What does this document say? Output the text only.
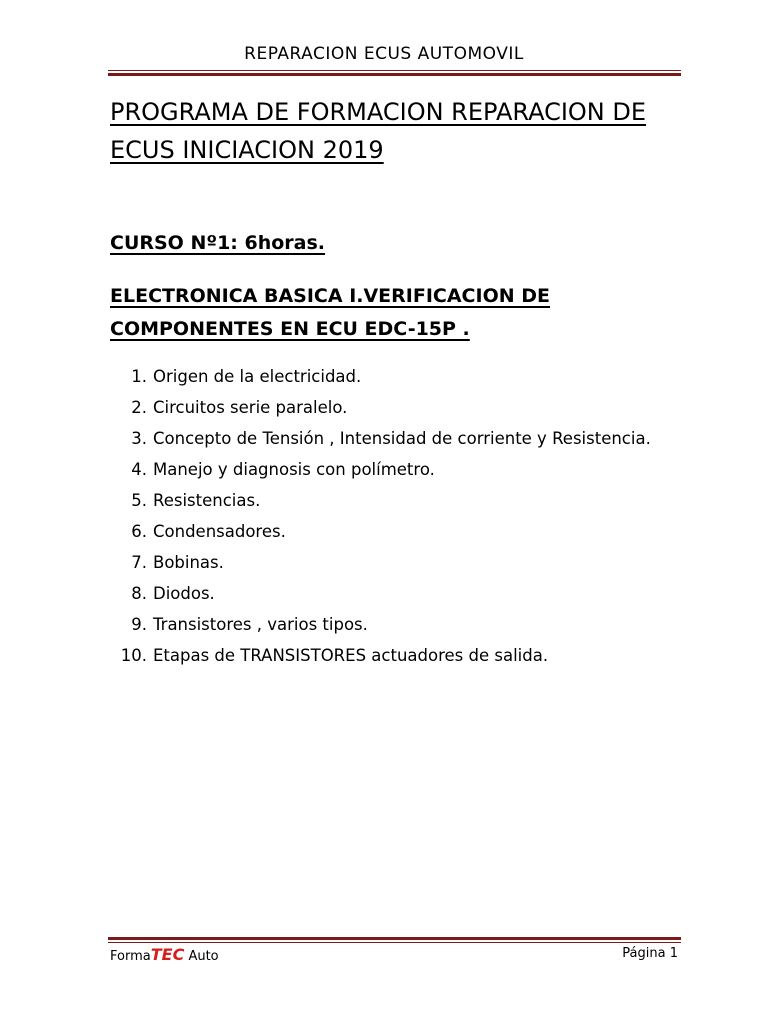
REPARACION ECUS AUTOMOVIL
PROGRAMA DE FORMACION REPARACION DE ECUS INICIACION 2019
CURSO Nº1: 6horas.
ELECTRONICA BASICA I.VERIFICACION DE COMPONENTES EN ECU EDC-15P .
1. Origen de la electricidad.
2. Circuitos serie paralelo.
3. Concepto de Tensión , Intensidad de corriente y Resistencia.
4. Manejo y diagnosis con polímetro.
5. Resistencias.
6. Condensadores.
7. Bobinas.
8. Diodos.
9. Transistores , varios tipos.
10. Etapas de TRANSISTORES actuadores de salida.
FormaTEC Auto	Página 1
